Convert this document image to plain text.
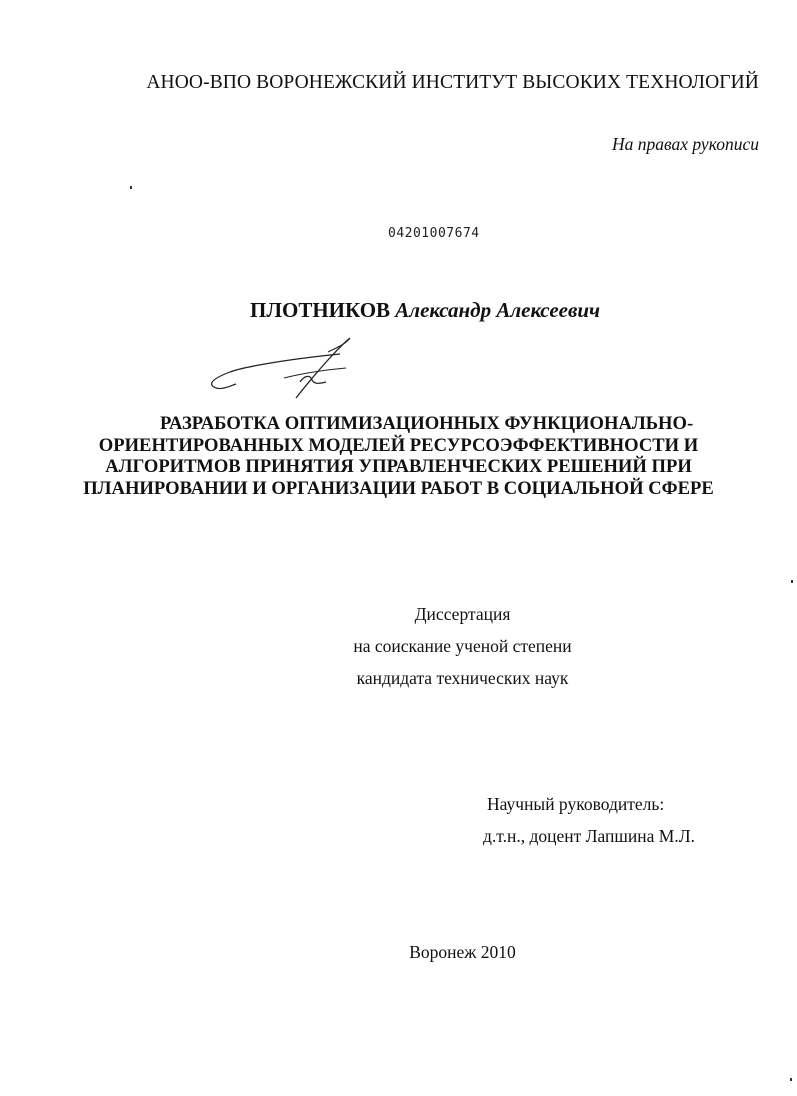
АНОО-ВПО ВОРОНЕЖСКИЙ ИНСТИТУТ ВЫСОКИХ ТЕХНОЛОГИЙ
На правах рукописи
04201007674
ПЛОТНИКОВ Александр Алексеевич
РАЗРАБОТКА ОПТИМИЗАЦИОННЫХ ФУНКЦИОНАЛЬНО-
ОРИЕНТИРОВАННЫХ МОДЕЛЕЙ РЕСУРСОЭФФЕКТИВНОСТИ И
АЛГОРИТМОВ ПРИНЯТИЯ УПРАВЛЕНЧЕСКИХ РЕШЕНИЙ ПРИ
ПЛАНИРОВАНИИ И ОРГАНИЗАЦИИ РАБОТ В СОЦИАЛЬНОЙ СФЕРЕ
Диссертация
на соискание ученой степени
кандидата технических наук
Научный руководитель:
д.т.н., доцент Лапшина М.Л.
Воронеж 2010
